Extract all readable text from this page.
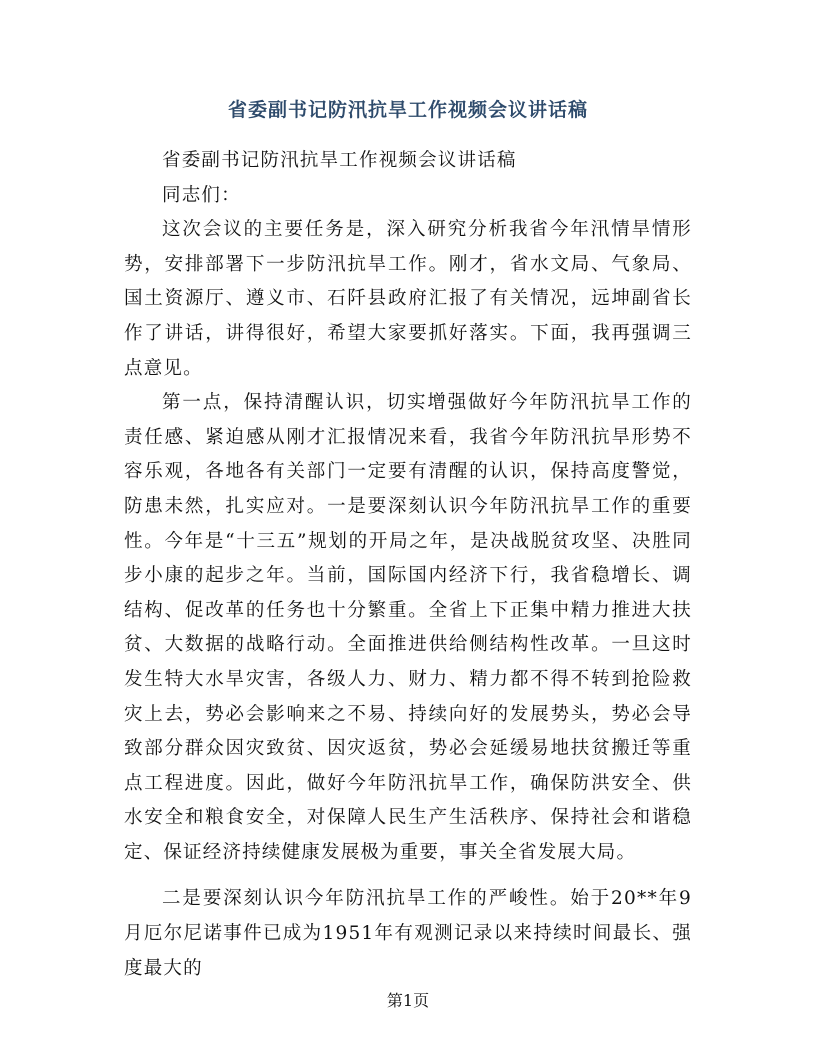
省委副书记防汛抗旱工作视频会议讲话稿

省委副书记防汛抗旱工作视频会议讲话稿

同志们：

这次会议的主要任务是，深入研究分析我省今年汛情旱情形势，安排部署下一步防汛抗旱工作。刚才，省水文局、气象局、国土资源厅、遵义市、石阡县政府汇报了有关情况，远坤副省长作了讲话，讲得很好，希望大家要抓好落实。下面，我再强调三点意见。

第一点，保持清醒认识，切实增强做好今年防汛抗旱工作的责任感、紧迫感从刚才汇报情况来看，我省今年防汛抗旱形势不容乐观，各地各有关部门一定要有清醒的认识，保持高度警觉，防患未然，扎实应对。一是要深刻认识今年防汛抗旱工作的重要性。今年是“十三五”规划的开局之年，是决战脱贫攻坚、决胜同步小康的起步之年。当前，国际国内经济下行，我省稳增长、调结构、促改革的任务也十分繁重。全省上下正集中精力推进大扶贫、大数据的战略行动。全面推进供给侧结构性改革。一旦这时发生特大水旱灾害，各级人力、财力、精力都不得不转到抢险救灾上去，势必会影响来之不易、持续向好的发展势头，势必会导致部分群众因灾致贫、因灾返贫，势必会延缓易地扶贫搬迁等重点工程进度。因此，做好今年防汛抗旱工作，确保防洪安全、供水安全和粮食安全，对保障人民生产生活秩序、保持社会和谐稳定、保证经济持续健康发展极为重要，事关全省发展大局。

二是要深刻认识今年防汛抗旱工作的严峻性。始于20**年9月厄尔尼诺事件已成为1951年有观测记录以来持续时间最长、强度最大的

第1页
